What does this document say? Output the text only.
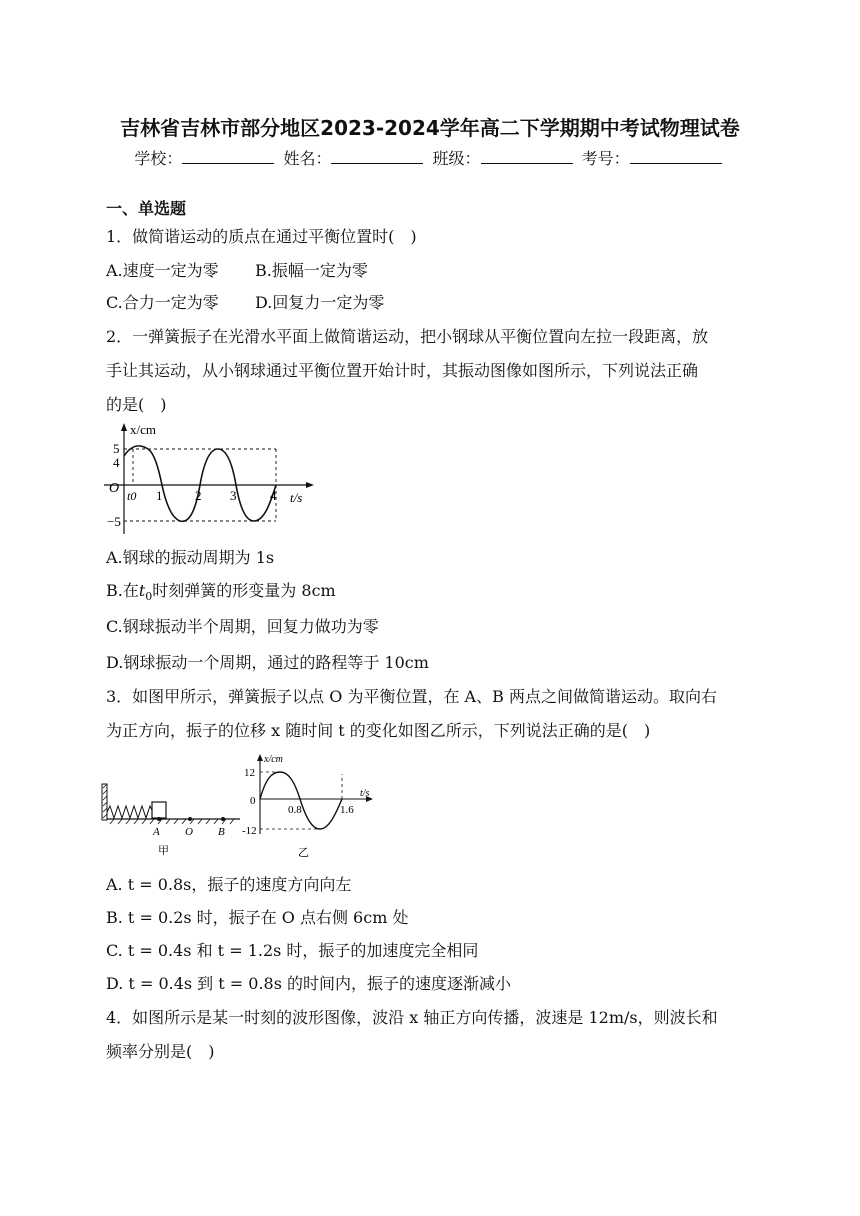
吉林省吉林市部分地区2023-2024学年高二下学期期中考试物理试卷
学校：	姓名：	班级：	考号：
一、单选题
1．做简谐运动的质点在通过平衡位置时(　)
A.速度一定为零 B.振幅一定为零
C.合力一定为零 D.回复力一定为零
2．一弹簧振子在光滑水平面上做简谐运动，把小钢球从平衡位置向左拉一段距离，放
手让其运动，从小钢球通过平衡位置开始计时，其振动图像如图所示，下列说法正确
的是(　)
x/cm
5
4
−5
O t0 1	2 3	4 t/s
A.钢球的振动周期为 1s
B.在$t_0$时刻弹簧的形变量为 8cm
C.钢球振动半个周期，回复力做功为零
D.钢球振动一个周期，通过的路程等于 10cm
3．如图甲所示，弹簧振子以点 O 为平衡位置，在 A、B 两点之间做简谐运动。取向右
为正方向，振子的位移 x 随时间 t 的变化如图乙所示，下列说法正确的是(　)
A O B
甲
x/cm
12
0
-12
0.8	1.6
t/s
乙
A. t = 0.8s，振子的速度方向向左
B. t = 0.2s 时，振子在 O 点右侧 6cm 处
C. t = 0.4s 和 t = 1.2s 时，振子的加速度完全相同
D. t = 0.4s 到 t = 0.8s 的时间内，振子的速度逐渐减小
4．如图所示是某一时刻的波形图像，波沿 x 轴正方向传播，波速是 12m/s，则波长和
频率分别是(　)
